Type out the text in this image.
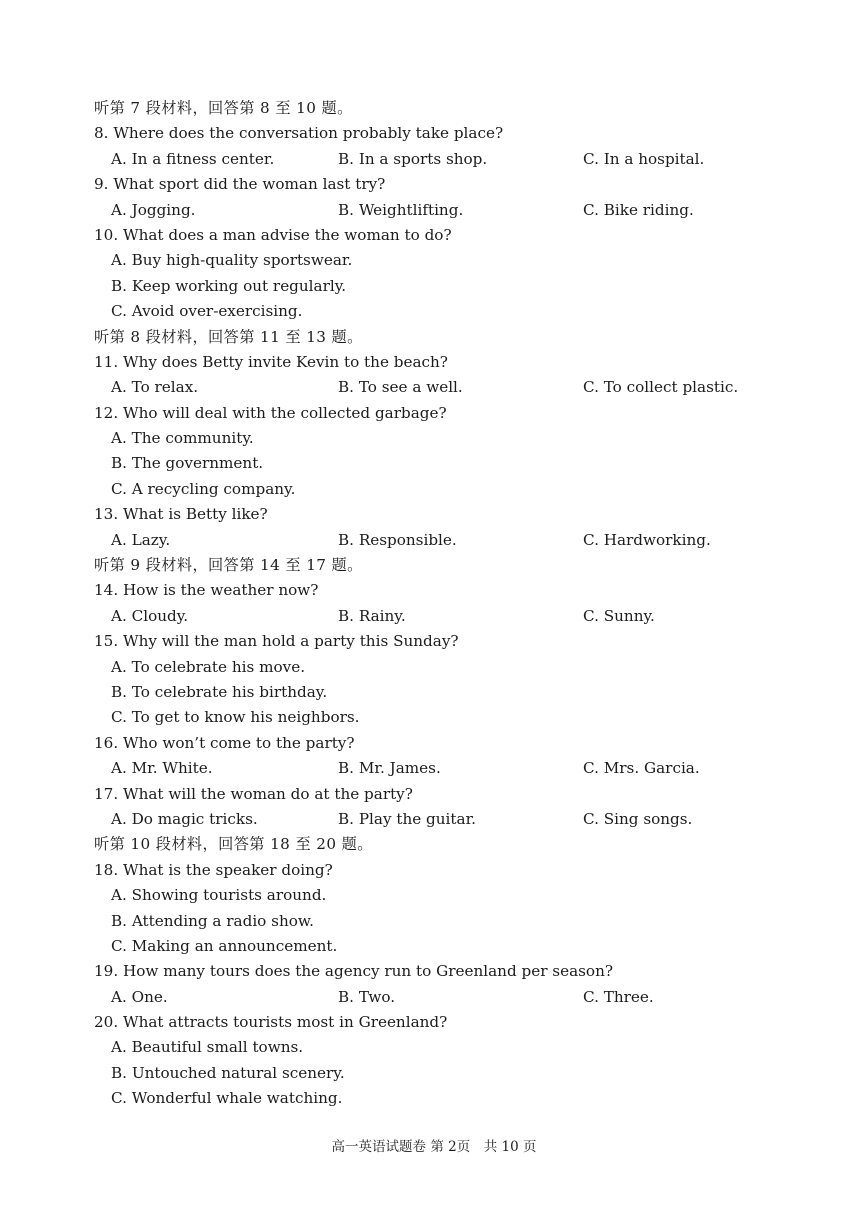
听第 7 段材料，回答第 8 至 10 题。
8. Where does the conversation probably take place?
A. In a fitness center.	B. In a sports shop.	C. In a hospital.
9. What sport did the woman last try?
A. Jogging.	B. Weightlifting.	C. Bike riding.
10. What does a man advise the woman to do?
A. Buy high-quality sportswear.
B. Keep working out regularly.
C. Avoid over-exercising.
听第 8 段材料，回答第 11 至 13 题。
11. Why does Betty invite Kevin to the beach?
A. To relax.	B. To see a well.	C. To collect plastic.
12. Who will deal with the collected garbage?
A. The community.
B. The government.
C. A recycling company.
13. What is Betty like?
A. Lazy.	B. Responsible.	C. Hardworking.
听第 9 段材料，回答第 14 至 17 题。
14. How is the weather now?
A. Cloudy.	B. Rainy.	C. Sunny.
15. Why will the man hold a party this Sunday?
A. To celebrate his move.
B. To celebrate his birthday.
C. To get to know his neighbors.
16. Who won’t come to the party?
A. Mr. White.	B. Mr. James.	C. Mrs. Garcia.
17. What will the woman do at the party?
A. Do magic tricks.	B. Play the guitar.	C. Sing songs.
听第 10 段材料，回答第 18 至 20 题。
18. What is the speaker doing?
A. Showing tourists around.
B. Attending a radio show.
C. Making an announcement.
19. How many tours does the agency run to Greenland per season?
A. One.	B. Two.	C. Three.
20. What attracts tourists most in Greenland?
A. Beautiful small towns.
B. Untouched natural scenery.
C. Wonderful whale watching.
高一英语试题卷 第 2页　共 10 页
